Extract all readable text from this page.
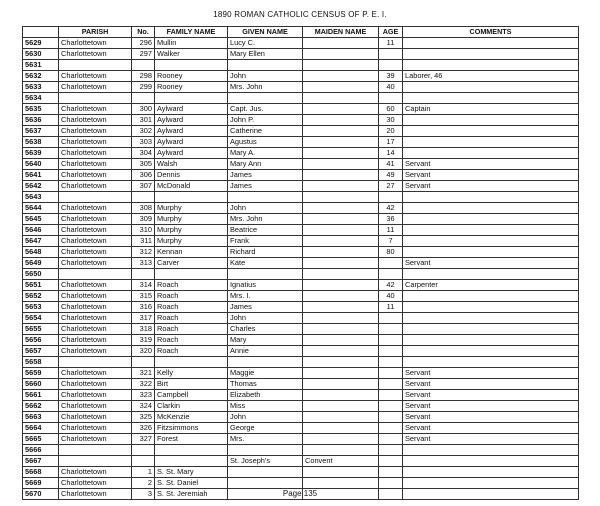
1890 ROMAN CATHOLIC CENSUS OF P. E. I.
	PARISH	No.	FAMILY NAME	GIVEN NAME	MAIDEN NAME	AGE	COMMENTS
5629	Charlottetown	296	Mullin	Lucy C.		11	
5630	Charlottetown	297	Walker	Mary Ellen			
5631							
5632	Charlottetown	298	Rooney	John		39	Laborer, 46
5633	Charlottetown	299	Rooney	Mrs. John		40	
5634							
5635	Charlottetown	300	Aylward	Capt. Jus.		60	Captain
5636	Charlottetown	301	Aylward	John P.		30	
5637	Charlottetown	302	Aylward	Catherine		20	
5638	Charlottetown	303	Aylward	Agustus		17	
5639	Charlottetown	304	Aylward	Mary A.		14	
5640	Charlottetown	305	Walsh	Mary Ann		41	Servant
5641	Charlottetown	306	Dennis	James		49	Servant
5642	Charlottetown	307	McDonald	James		27	Servant
5643							
5644	Charlottetown	308	Murphy	John		42	
5645	Charlottetown	309	Murphy	Mrs. John		36	
5646	Charlottetown	310	Murphy	Beatrice		11	
5647	Charlottetown	311	Murphy	Frank		7	
5648	Charlottetown	312	Kennan	Richard		80	
5649	Charlottetown	313	Carver	Kate			Servant
5650							
5651	Charlottetown	314	Roach	Ignatius		42	Carpenter
5652	Charlottetown	315	Roach	Mrs. I.		40	
5653	Charlottetown	316	Roach	James		11	
5654	Charlottetown	317	Roach	John			
5655	Charlottetown	318	Roach	Charles			
5656	Charlottetown	319	Roach	Mary			
5657	Charlottetown	320	Roach	Annie			
5658							
5659	Charlottetown	321	Kelly	Maggie			Servant
5660	Charlottetown	322	Birt	Thomas			Servant
5661	Charlottetown	323	Campbell	Elizabeth			Servant
5662	Charlottetown	324	Clarkin	Miss			Servant
5663	Charlottetown	325	McKenzie	John			Servant
5664	Charlottetown	326	Fitzsimmons	George			Servant
5665	Charlottetown	327	Forest	Mrs.			Servant
5666							
5667				St. Joseph's	Convent		
5668	Charlottetown	1	S. St. Mary				
5669	Charlottetown	2	S. St. Daniel				
5670	Charlottetown	3	S. St. Jeremiah					Page 135
